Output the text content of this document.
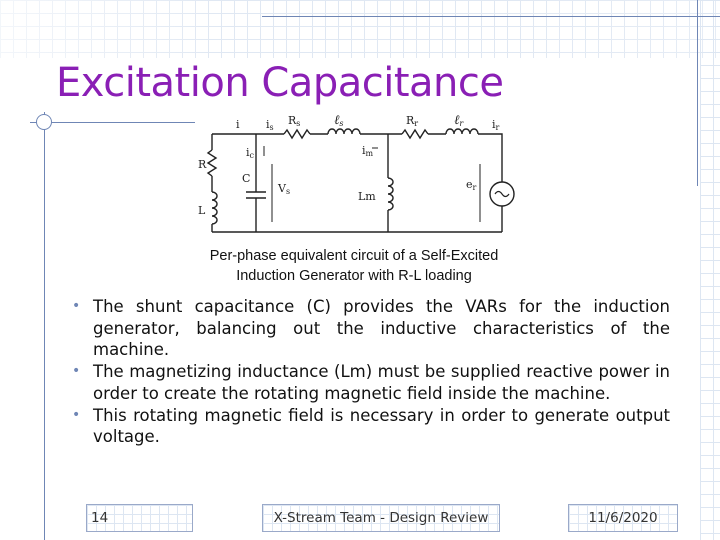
Excitation Capacitance
i is
Rs	ℓs	Rr	ℓr	ir
ic	im
R
C
L
Vs	Lm
er
Per-phase equivalent circuit of a Self-Excited
Induction Generator with R-L loading
• The shunt capacitance (C) provides the VARs for the induction generator, balancing out the inductive characteristics of the machine.
• The magnetizing inductance (Lm) must be supplied reactive power in order to create the rotating magnetic field inside the machine.
• This rotating magnetic field is necessary in order to generate output voltage.
14	X-Stream Team - Design Review	11/6/2020
